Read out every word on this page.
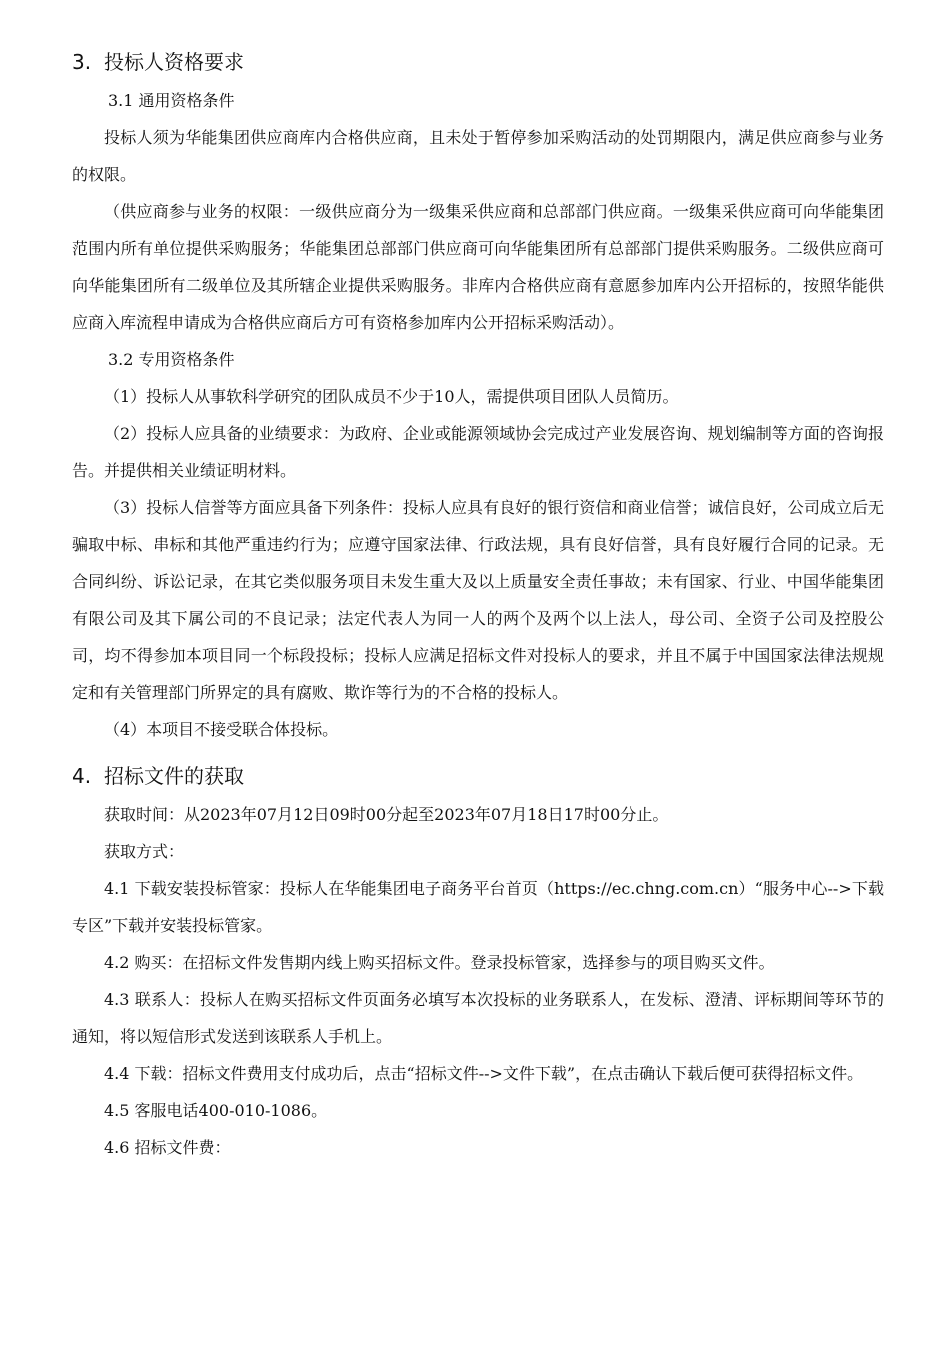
3. 投标人资格要求

3.1 通用资格条件

投标人须为华能集团供应商库内合格供应商，且未处于暂停参加采购活动的处罚期限内，满足供应商参与业务的权限。

（供应商参与业务的权限：一级供应商分为一级集采供应商和总部部门供应商。一级集采供应商可向华能集团范围内所有单位提供采购服务；华能集团总部部门供应商可向华能集团所有总部部门提供采购服务。二级供应商可向华能集团所有二级单位及其所辖企业提供采购服务。非库内合格供应商有意愿参加库内公开招标的，按照华能供应商入库流程申请成为合格供应商后方可有资格参加库内公开招标采购活动）。

3.2 专用资格条件

（1）投标人从事软科学研究的团队成员不少于10人，需提供项目团队人员简历。

（2）投标人应具备的业绩要求：为政府、企业或能源领域协会完成过产业发展咨询、规划编制等方面的咨询报告。并提供相关业绩证明材料。

（3）投标人信誉等方面应具备下列条件：投标人应具有良好的银行资信和商业信誉；诚信良好，公司成立后无骗取中标、串标和其他严重违约行为；应遵守国家法律、行政法规，具有良好信誉，具有良好履行合同的记录。无合同纠纷、诉讼记录，在其它类似服务项目未发生重大及以上质量安全责任事故；未有国家、行业、中国华能集团有限公司及其下属公司的不良记录；法定代表人为同一人的两个及两个以上法人，母公司、全资子公司及控股公司，均不得参加本项目同一个标段投标；投标人应满足招标文件对投标人的要求，并且不属于中国国家法律法规规定和有关管理部门所界定的具有腐败、欺诈等行为的不合格的投标人。

（4）本项目不接受联合体投标。

4. 招标文件的获取

获取时间：从2023年07月12日09时00分起至2023年07月18日17时00分止。

获取方式：

4.1 下载安装投标管家：投标人在华能集团电子商务平台首页（https://ec.chng.com.cn）“服务中心-->下载专区”下载并安装投标管家。

4.2 购买：在招标文件发售期内线上购买招标文件。登录投标管家，选择参与的项目购买文件。

4.3 联系人：投标人在购买招标文件页面务必填写本次投标的业务联系人，在发标、澄清、评标期间等环节的通知，将以短信形式发送到该联系人手机上。

4.4 下载：招标文件费用支付成功后，点击“招标文件-->文件下载”，在点击确认下载后便可获得招标文件。

4.5 客服电话400-010-1086。

4.6 招标文件费：
